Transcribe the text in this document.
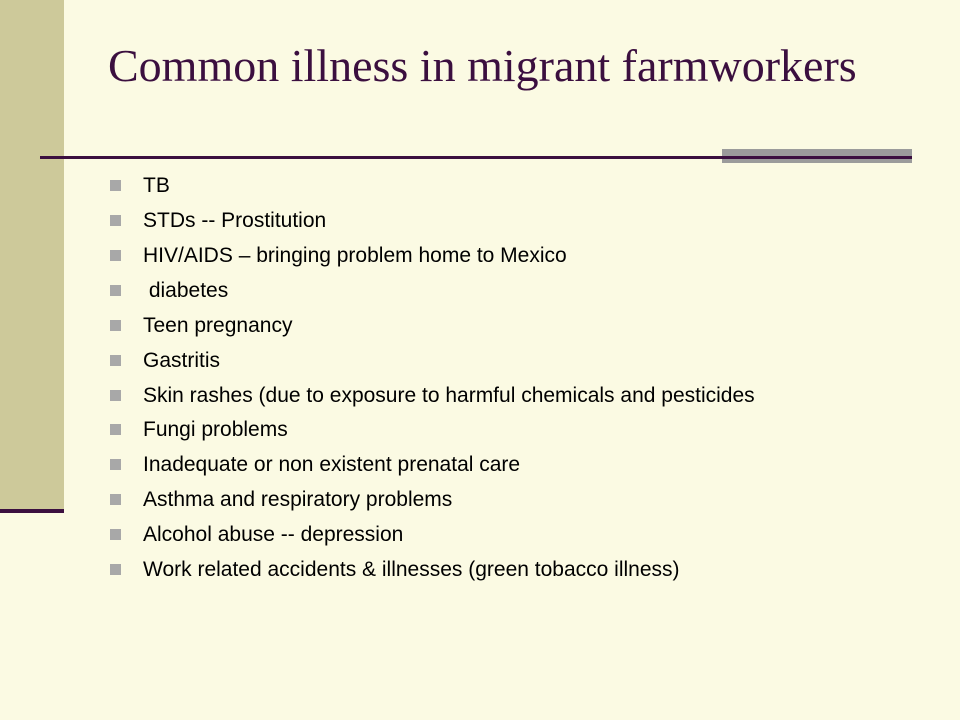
Common illness in migrant farmworkers
TB
STDs -- Prostitution
HIV/AIDS – bringing problem home to Mexico
diabetes
Teen pregnancy
Gastritis
Skin rashes (due to exposure to harmful chemicals and pesticides
Fungi problems
Inadequate or non existent prenatal care
Asthma and respiratory problems
Alcohol abuse -- depression
Work related accidents & illnesses (green tobacco illness)
